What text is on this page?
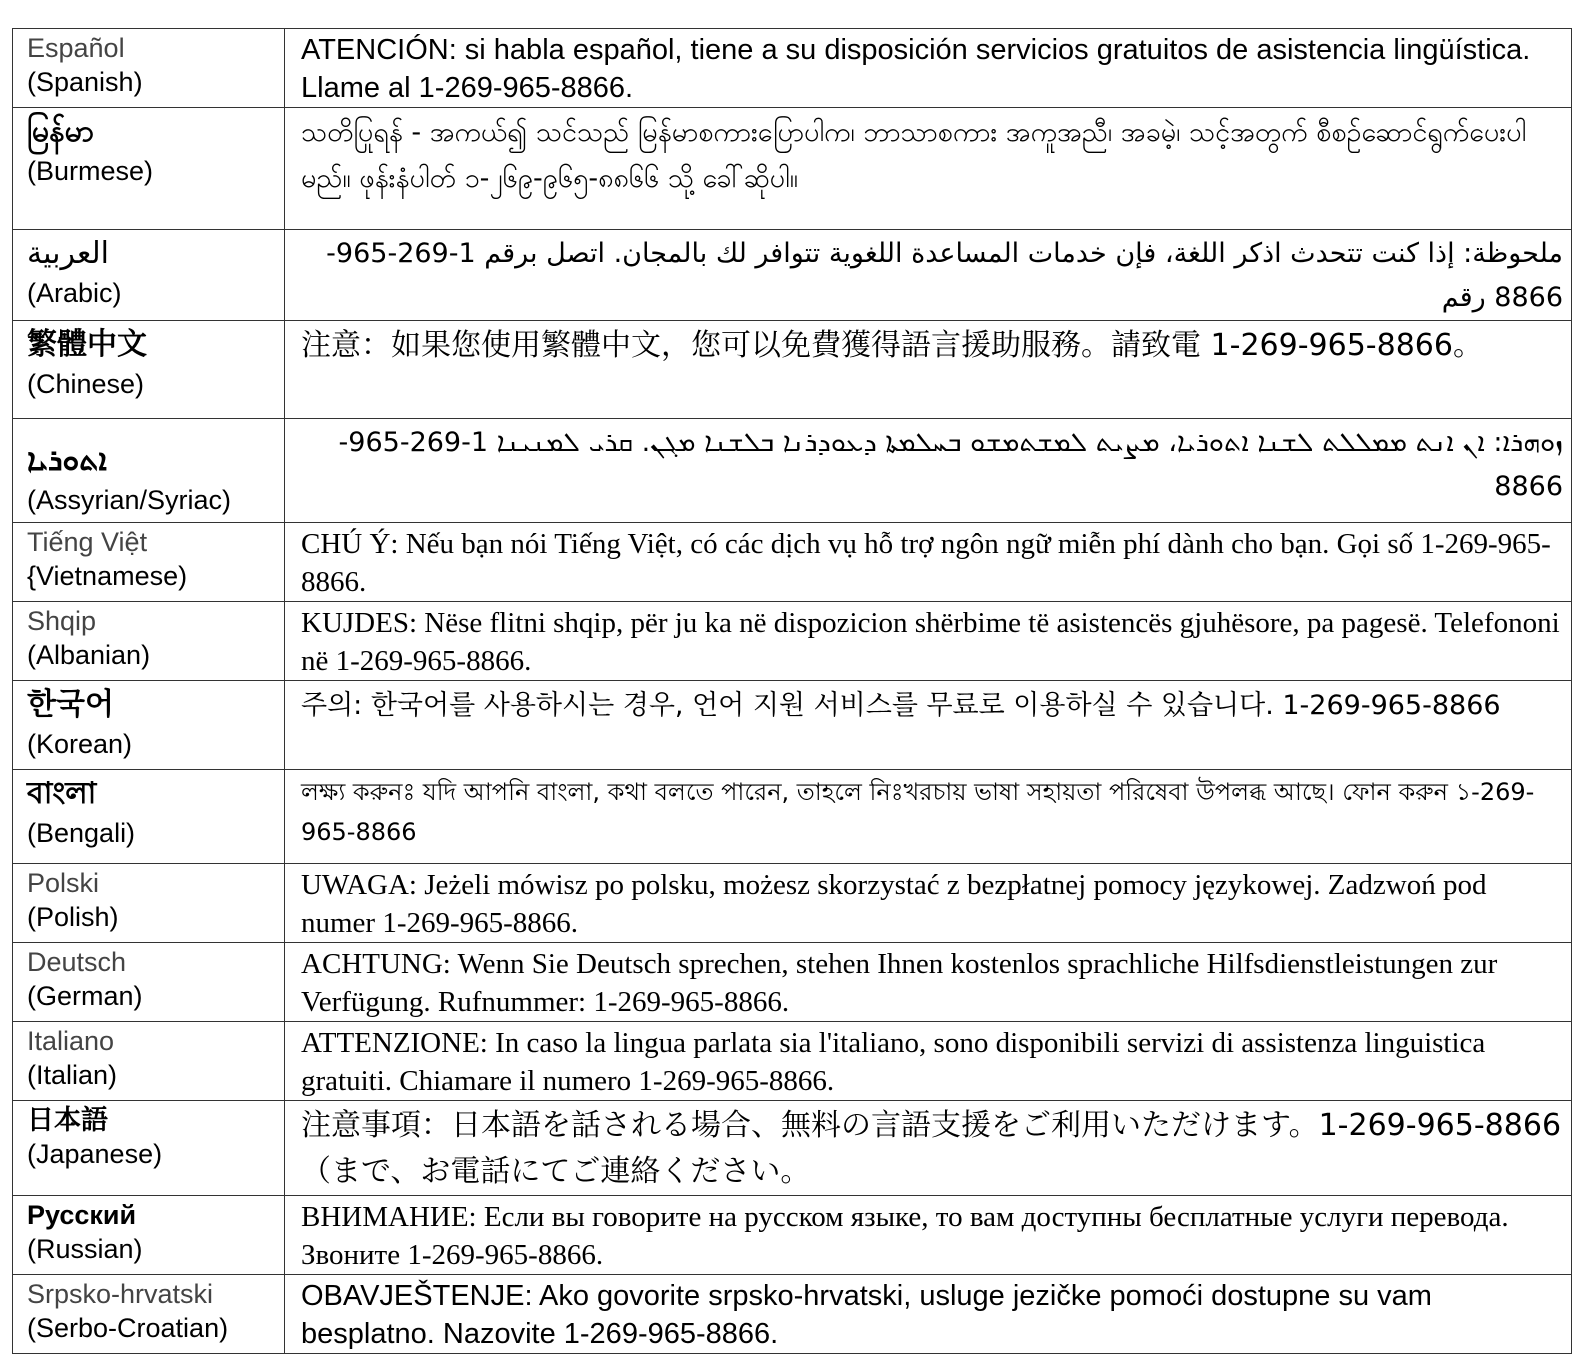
Español
(Spanish)	ATENCIÓN: si habla español, tiene a su disposición servicios gratuitos de asistencia lingüística. Llame al 1-269-965-8866.

မြန်မာ
(Burmese)	သတိပြုရန် - အကယ်၍ သင်သည် မြန်မာစကားပြောပါက၊ ဘာသာစကား အကူအညီ၊ အခမဲ့၊ သင့်အတွက် စီစဉ်ဆောင်ရွက်ပေးပါမည်။ ဖုန်းနံပါတ် ၁-၂၆၉-၉၆၅-၈၈၆၆ သို့ ခေါ်ဆိုပါ။

العربية
(Arabic)	ملحوظة: إذا كنت تتحدث اذكر اللغة، فإن خدمات المساعدة اللغوية تتوافر لك بالمجان. اتصل برقم 1-269-965-8866 رقم

繁體中文
(Chinese)	注意：如果您使用繁體中文，您可以免費獲得語言援助服務。請致電 1-269-965-8866。

ܐܬܘܪܝܐ
(Assyrian/Syriac)	ܙܘܗܪܐ: ܐܢ ܐܢܬ ܡܡܠܠܬ ܠܫܢܐ ܐܬܘܪܝܐ، ܡܨܝܬ ܠܡܫܬܡܫܘ ܒܚܠܡܬܐ ܕܥܘܕܪܢܐ ܒܠܫܢܐ ܡܓܢ. ܩܪܝ ܠܡܢܝܢܐ 1-269-965-8866

Tiếng Việt
{Vietnamese)	CHÚ Ý: Nếu bạn nói Tiếng Việt, có các dịch vụ hỗ trợ ngôn ngữ miễn phí dành cho bạn. Gọi số 1-269-965-8866.

Shqip
(Albanian)	KUJDES: Nëse flitni shqip, për ju ka në dispozicion shërbime të asistencës gjuhësore, pa pagesë. Telefononi në 1-269-965-8866.

한국어
(Korean)	주의: 한국어를 사용하시는 경우, 언어 지원 서비스를 무료로 이용하실 수 있습니다. 1-269-965-8866

বাংলা
(Bengali)	লক্ষ্য করুনঃ যদি আপনি বাংলা, কথা বলতে পারেন, তাহলে নিঃখরচায় ভাষা সহায়তা পরিষেবা উপলব্ধ আছে। ফোন করুন ১-269-965-8866

Polski
(Polish)	UWAGA: Jeżeli mówisz po polsku, możesz skorzystać z bezpłatnej pomocy językowej. Zadzwoń pod numer 1-269-965-8866.

Deutsch
(German)	ACHTUNG: Wenn Sie Deutsch sprechen, stehen Ihnen kostenlos sprachliche Hilfsdienstleistungen zur Verfügung. Rufnummer: 1-269-965-8866.

Italiano
(Italian)	ATTENZIONE: In caso la lingua parlata sia l'italiano, sono disponibili servizi di assistenza linguistica gratuiti. Chiamare il numero 1-269-965-8866.

日本語
(Japanese)	注意事項：日本語を話される場合、無料の言語支援をご利用いただけます。1-269-965-8866（まで、お電話にてご連絡ください。

Русский
(Russian)	ВНИМАНИЕ: Если вы говорите на русском языке, то вам доступны бесплатные услуги перевода. Звоните 1-269-965-8866.

Srpsko-hrvatski
(Serbo-Croatian)	OBAVJEŠTENJE: Ako govorite srpsko-hrvatski, usluge jezičke pomoći dostupne su vam besplatno. Nazovite 1-269-965-8866.
